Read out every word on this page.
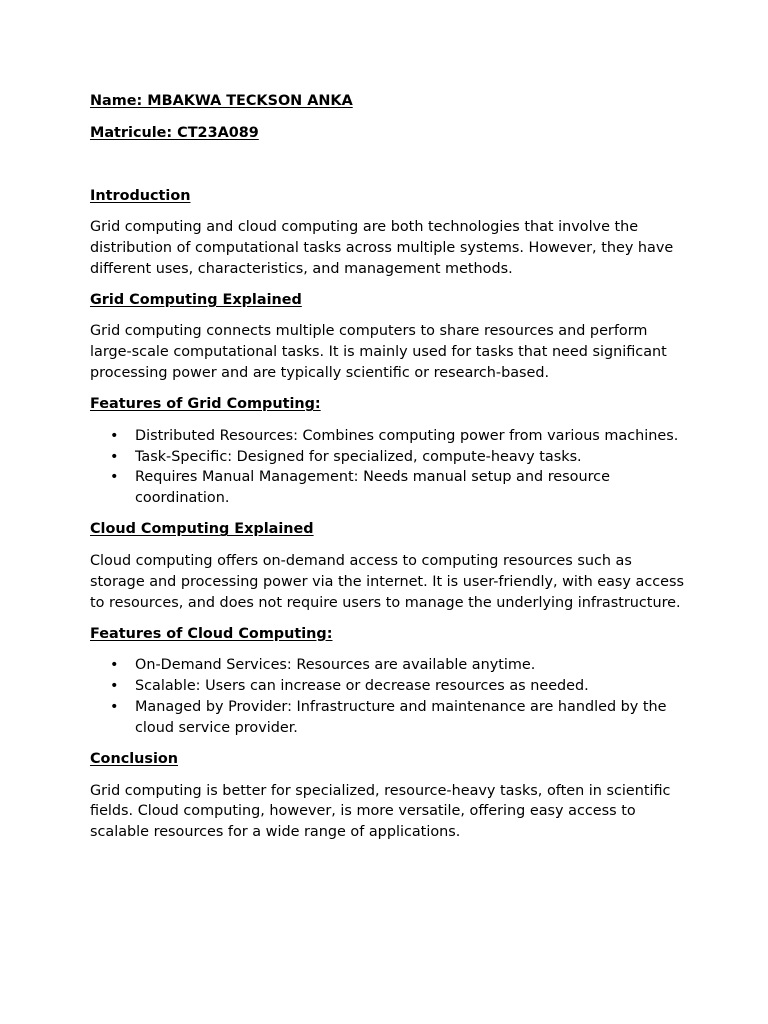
Name: MBAKWA TECKSON ANKA
Matricule: CT23A089
Introduction

Grid computing and cloud computing are both technologies that involve the distribution of computational tasks across multiple systems. However, they have different uses, characteristics, and management methods.

Grid Computing Explained

Grid computing connects multiple computers to share resources and perform large-scale computational tasks. It is mainly used for tasks that need significant processing power and are typically scientific or research-based.

Features of Grid Computing:
• Distributed Resources: Combines computing power from various machines.
• Task-Specific: Designed for specialized, compute-heavy tasks.
• Requires Manual Management: Needs manual setup and resource coordination.
Cloud Computing Explained

Cloud computing offers on-demand access to computing resources such as storage and processing power via the internet. It is user-friendly, with easy access to resources, and does not require users to manage the underlying infrastructure.

Features of Cloud Computing:
• On-Demand Services: Resources are available anytime.
• Scalable: Users can increase or decrease resources as needed.
• Managed by Provider: Infrastructure and maintenance are handled by the cloud service provider.
Conclusion

Grid computing is better for specialized, resource-heavy tasks, often in scientific fields. Cloud computing, however, is more versatile, offering easy access to scalable resources for a wide range of applications.
